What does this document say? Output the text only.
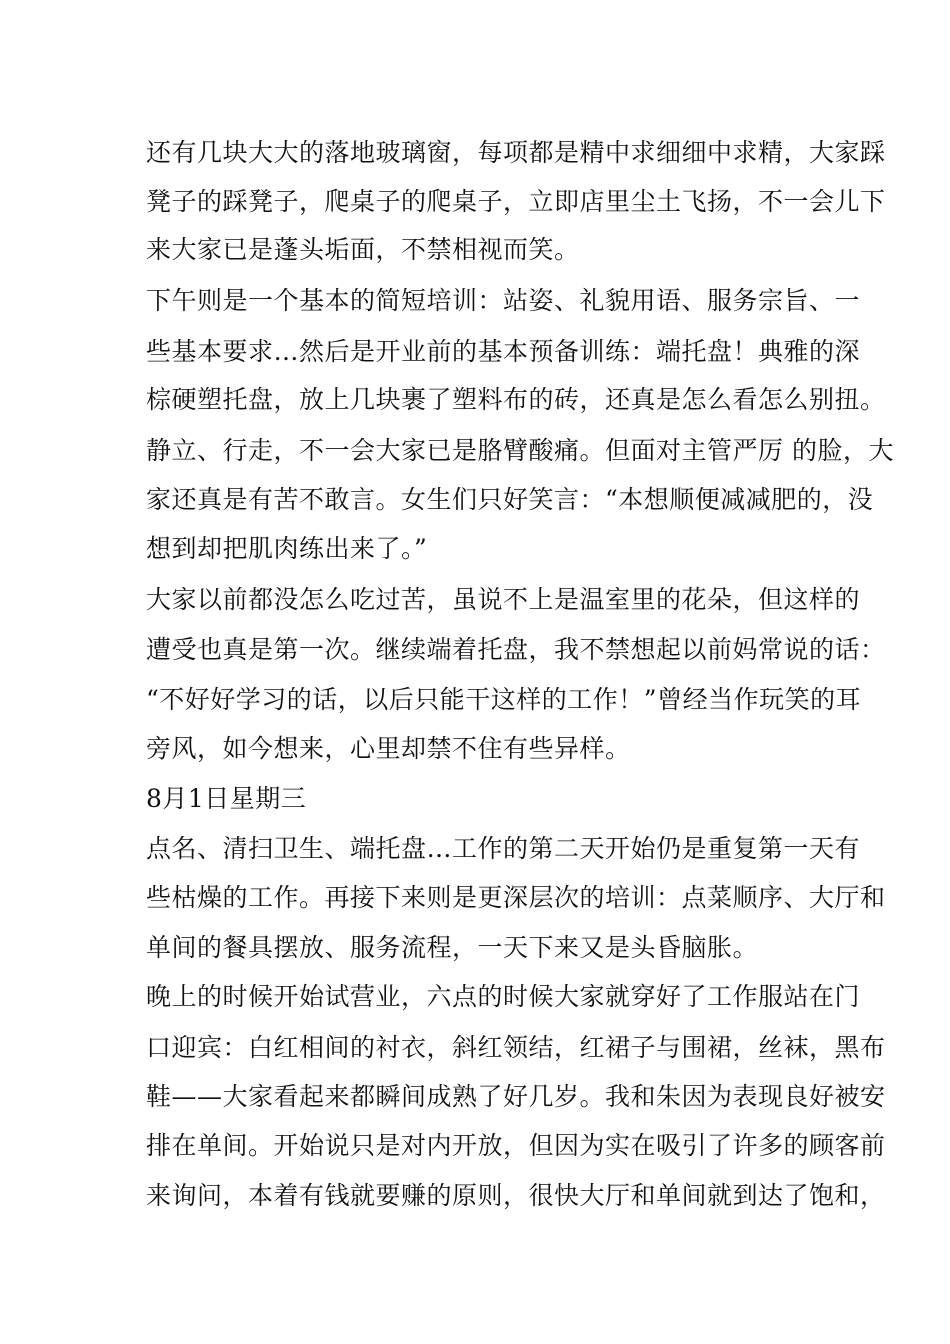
还有几块大大的落地玻璃窗，每项都是精中求细细中求精，大家踩

凳子的踩凳子，爬桌子的爬桌子，立即店里尘土飞扬，不一会儿下

来大家已是蓬头垢面，不禁相视而笑。

下午则是一个基本的简短培训：站姿、礼貌用语、服务宗旨、一

些基本要求…然后是开业前的基本预备训练：端托盘！典雅的深

棕硬塑托盘，放上几块裹了塑料布的砖，还真是怎么看怎么别扭。

静立、行走，不一会大家已是胳臂酸痛。但面对主管严厉 的脸，大

家还真是有苦不敢言。女生们只好笑言：“本想顺便减减肥的，没

想到却把肌肉练出来了。”

大家以前都没怎么吃过苦，虽说不上是温室里的花朵，但这样的

遭受也真是第一次。继续端着托盘，我不禁想起以前妈常说的话：

“不好好学习的话，以后只能干这样的工作！”曾经当作玩笑的耳

旁风，如今想来，心里却禁不住有些异样。

8月1日星期三

点名、清扫卫生、端托盘…工作的第二天开始仍是重复第一天有

些枯燥的工作。再接下来则是更深层次的培训：点菜顺序、大厅和

单间的餐具摆放、服务流程，一天下来又是头昏脑胀。

晚上的时候开始试营业，六点的时候大家就穿好了工作服站在门

口迎宾：白红相间的衬衣，斜红领结，红裙子与围裙，丝袜，黑布

鞋——大家看起来都瞬间成熟了好几岁。我和朱因为表现良好被安

排在单间。开始说只是对内开放，但因为实在吸引了许多的顾客前

来询问，本着有钱就要赚的原则，很快大厅和单间就到达了饱和，
